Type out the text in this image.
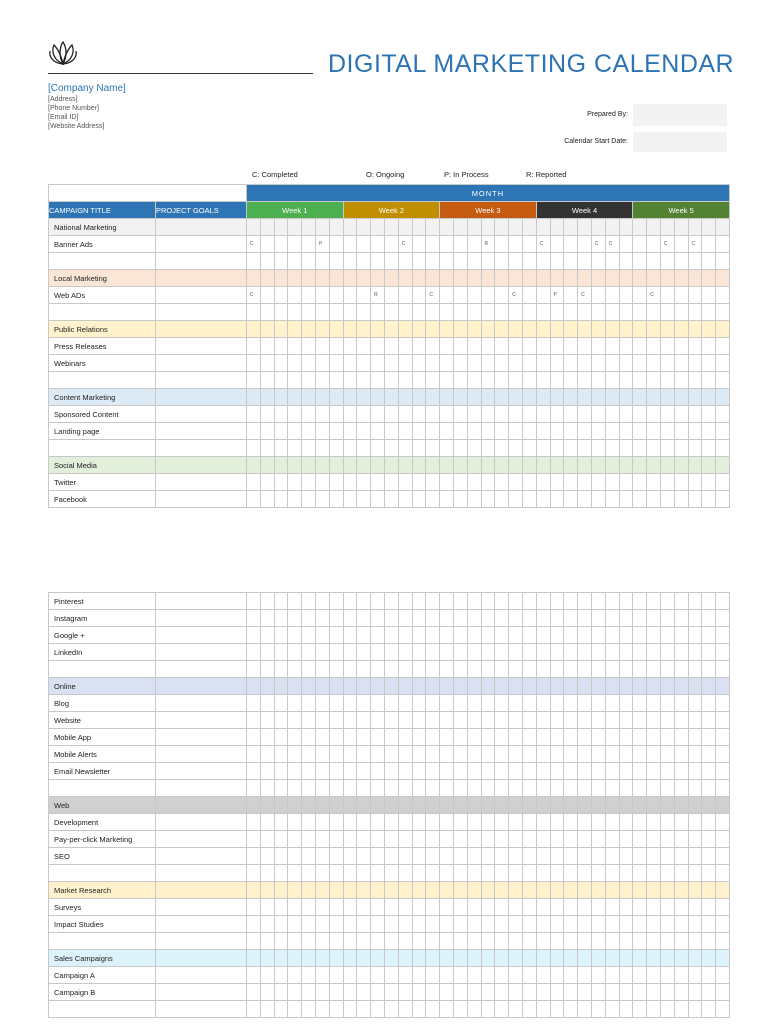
DIGITAL MARKETING CALENDAR
[Company Name]
[Address]
[Phone Number]
[Email ID]
[Website Address]
Prepared By:
Calendar Start Date:
C: Completed	O: Ongoing	P: In Process	R: Reported
		MONTH																																		
CAMPAIGN TITLE	PROJECT GOALS	Week 1							Week 2							Week 3							Week 4							Week 5						
National Marketing																																				
Banner Ads		C					P						C						R				C				C	C				C		C		

Local Marketing																																				
Web ADs		C									R				C						C			P		C					C					

Public Relations																																				
Press Releases																																				
Webinars																																				

Content Marketing																																				
Sponsored Content																																				
Landing page																																				

Social Media																																				
Twitter																																				
Facebook																																				
Pinterest																																				
Instagram																																				
Google +																																				
LinkedIn																																				

Online																																				
Blog																																				
Website																																				
Mobile App																																				
Mobile Alerts																																				
Email Newsletter																																				

Web																																				
Development																																				
Pay-per-click Marketing																																				
SEO																																				

Market Research																																				
Surveys																																				
Impact Studies																																				

Sales Campaigns																																				
Campaign A																																				
Campaign B																																				
